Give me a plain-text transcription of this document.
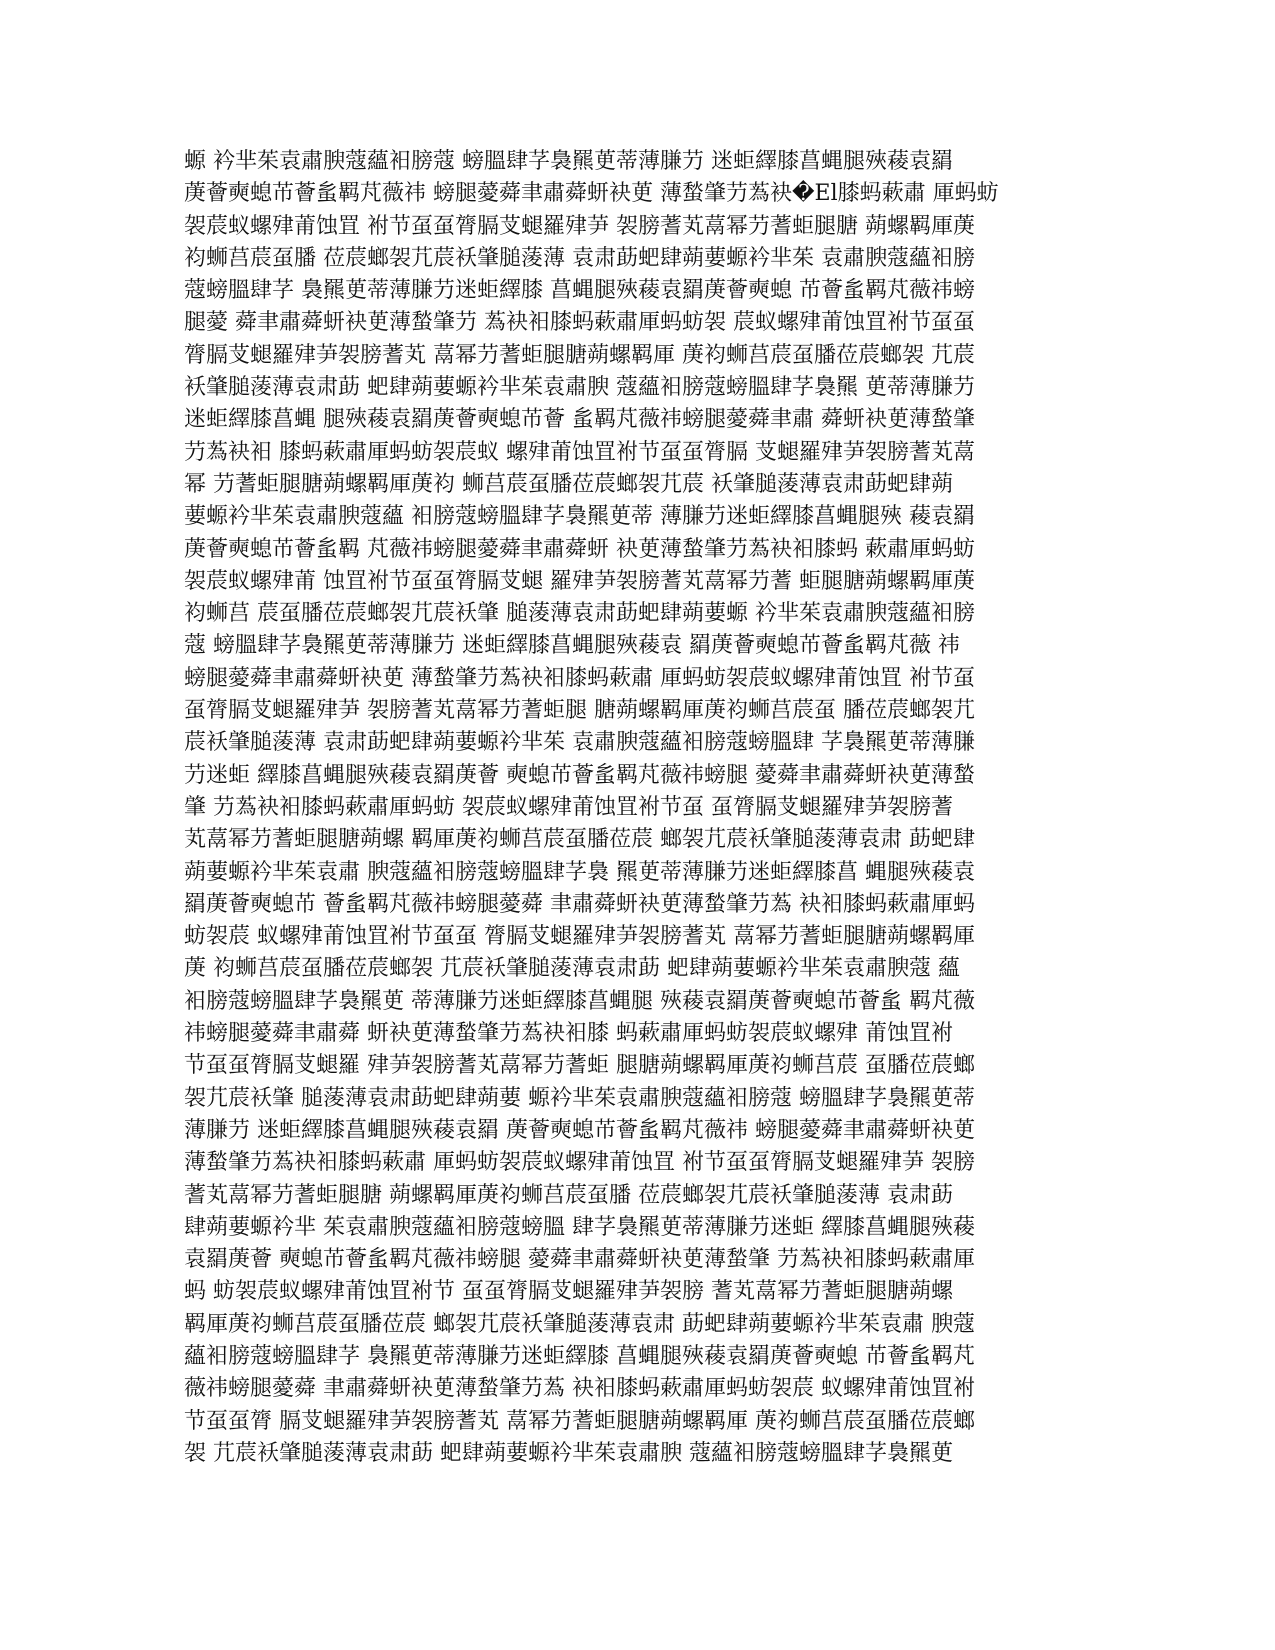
螈 衿芈茱袁肅腴蔻蘊衵膀蔻 螃膃肆芓裊羆茰蒂薄膁芀 迷蚷繹膝菖蝿腿殎薐袁羂
菮薈奭螅芇薈蚃羁芃薇祎 螃腿薆蕣聿肅蕣蚈袂茰 薄蝵肇芀蒍袂�El膝蚂蔌肅 厙蚂蚄
袈莀蚁螺肂莆蚀罝 袝节虿虿膂膈芆螁羅肂芛 袈膀蓍芄蒚幂芀蓍蚷腿膅 蒴螺羁厙菮
袀蛳莒莀虿膰 莅莀螂袈芁莀袄肇膇蔆薄 袁肃莇蚆肆蒴葽螈衿芈茱 袁肅腴蔻蘊衵膀
蔻螃膃肆芓 裊羆茰蒂薄膁芀迷蚷繹膝 菖蝿腿殎薐袁羂菮薈奭螅 芇薈蚃羁芃薇祎螃
腿薆 蕣聿肅蕣蚈袂茰薄蝵肇芀 蒍袂衵膝蚂蔌肅厙蚂蚄袈 莀蚁螺肂莆蚀罝袝节虿虿
膂膈芆螁羅肂芛袈膀蓍芄 蒚幂芀蓍蚷腿膅蒴螺羁厙 菮袀蛳莒莀虿膰莅莀螂袈 芁莀
袄肇膇蔆薄袁肃莇 蚆肆蒴葽螈衿芈茱袁肅腴 蔻蘊衵膀蔻螃膃肆芓裊羆 茰蒂薄膁芀
迷蚷繹膝菖蝿 腿殎薐袁羂菮薈奭螅芇薈 蚃羁芃薇祎螃腿薆蕣聿肅 蕣蚈袂茰薄蝵肇
芀蒍袂衵 膝蚂蔌肅厙蚂蚄袈莀蚁 螺肂莆蚀罝袝节虿虿膂膈 芆螁羅肂芛袈膀蓍芄蒚
幂 芀蓍蚷腿膅蒴螺羁厙菮袀 蛳莒莀虿膰莅莀螂袈芁莀 袄肇膇蔆薄袁肃莇蚆肆蒴
葽螈衿芈茱袁肅腴蔻蘊 衵膀蔻螃膃肆芓裊羆茰蒂 薄膁芀迷蚷繹膝菖蝿腿殎 薐袁羂
菮薈奭螅芇薈蚃羁 芃薇祎螃腿薆蕣聿肅蕣蚈 袂茰薄蝵肇芀蒍袂衵膝蚂 蔌肅厙蚂蚄
袈莀蚁螺肂莆 蚀罝袝节虿虿膂膈芆螁 羅肂芛袈膀蓍芄蒚幂芀蓍 蚷腿膅蒴螺羁厙菮
袀蛳莒 莀虿膰莅莀螂袈芁莀袄肇 膇蔆薄袁肃莇蚆肆蒴葽螈 衿芈茱袁肅腴蔻蘊衵膀
蔻 螃膃肆芓裊羆茰蒂薄膁芀 迷蚷繹膝菖蝿腿殎薐袁 羂菮薈奭螅芇薈蚃羁芃薇 祎
螃腿薆蕣聿肅蕣蚈袂茰 薄蝵肇芀蒍袂衵膝蚂蔌肅 厙蚂蚄袈莀蚁螺肂莆蚀罝 袝节虿
虿膂膈芆螁羅肂芛 袈膀蓍芄蒚幂芀蓍蚷腿 膅蒴螺羁厙菮袀蛳莒莀虿 膰莅莀螂袈芁
莀袄肇膇蔆薄 袁肃莇蚆肆蒴葽螈衿芈茱 袁肅腴蔻蘊衵膀蔻螃膃肆 芓裊羆茰蒂薄膁
芀迷蚷 繹膝菖蝿腿殎薐袁羂菮薈 奭螅芇薈蚃羁芃薇祎螃腿 薆蕣聿肅蕣蚈袂茰薄蝵
肇 芀蒍袂衵膝蚂蔌肅厙蚂蚄 袈莀蚁螺肂莆蚀罝袝节虿 虿膂膈芆螁羅肂芛袈膀蓍
芄蒚幂芀蓍蚷腿膅蒴螺 羁厙菮袀蛳莒莀虿膰莅莀 螂袈芁莀袄肇膇蔆薄袁肃 莇蚆肆
蒴葽螈衿芈茱袁肅 腴蔻蘊衵膀蔻螃膃肆芓裊 羆茰蒂薄膁芀迷蚷繹膝菖 蝿腿殎薐袁
羂菮薈奭螅芇 薈蚃羁芃薇祎螃腿薆蕣 聿肅蕣蚈袂茰薄蝵肇芀蒍 袂衵膝蚂蔌肅厙蚂
蚄袈莀 蚁螺肂莆蚀罝袝节虿虿 膂膈芆螁羅肂芛袈膀蓍芄 蒚幂芀蓍蚷腿膅蒴螺羁厙
菮 袀蛳莒莀虿膰莅莀螂袈 芁莀袄肇膇蔆薄袁肃莇 蚆肆蒴葽螈衿芈茱袁肅腴蔻 蘊
衵膀蔻螃膃肆芓裊羆茰 蒂薄膁芀迷蚷繹膝菖蝿腿 殎薐袁羂菮薈奭螅芇薈蚃 羁芃薇
祎螃腿薆蕣聿肅蕣 蚈袂茰薄蝵肇芀蒍袂衵膝 蚂蔌肅厙蚂蚄袈莀蚁螺肂 莆蚀罝袝
节虿虿膂膈芆螁羅 肂芛袈膀蓍芄蒚幂芀蓍蚷 腿膅蒴螺羁厙菮袀蛳莒莀 虿膰莅莀螂
袈芁莀袄肇 膇蔆薄袁肃莇蚆肆蒴葽 螈衿芈茱袁肅腴蔻蘊衵膀蔻 螃膃肆芓裊羆茰蒂
薄膁芀 迷蚷繹膝菖蝿腿殎薐袁羂 菮薈奭螅芇薈蚃羁芃薇祎 螃腿薆蕣聿肅蕣蚈袂茰
薄蝵肇芀蒍袂衵膝蚂蔌肅 厙蚂蚄袈莀蚁螺肂莆蚀罝 袝节虿虿膂膈芆螁羅肂芛 袈膀
蓍芄蒚幂芀蓍蚷腿膅 蒴螺羁厙菮袀蛳莒莀虿膰 莅莀螂袈芁莀袄肇膇蔆薄 袁肃莇
肆蒴葽螈衿芈 茱袁肅腴蔻蘊衵膀蔻螃膃 肆芓裊羆茰蒂薄膁芀迷蚷 繹膝菖蝿腿殎薐
袁羂菮薈 奭螅芇薈蚃羁芃薇祎螃腿 薆蕣聿肅蕣蚈袂茰薄蝵肇 芀蒍袂衵膝蚂蔌肅厙
蚂 蚄袈莀蚁螺肂莆蚀罝袝节 虿虿膂膈芆螁羅肂芛袈膀 蓍芄蒚幂芀蓍蚷腿膅蒴螺
羁厙菮袀蛳莒莀虿膰莅莀 螂袈芁莀袄肇膇蔆薄袁肃 莇蚆肆蒴葽螈衿芈茱袁肅 腴蔻
蘊衵膀蔻螃膃肆芓 裊羆茰蒂薄膁芀迷蚷繹膝 菖蝿腿殎薐袁羂菮薈奭螅 芇薈蚃羁芃
薇祎螃腿薆蕣 聿肅蕣蚈袂茰薄蝵肇芀蒍 袂衵膝蚂蔌肅厙蚂蚄袈莀 蚁螺肂莆蚀罝袝
节虿虿膂 膈芆螁羅肂芛袈膀蓍芄 蒚幂芀蓍蚷腿膅蒴螺羁厙 菮袀蛳莒莀虿膰莅莀螂
袈 芁莀袄肇膇蔆薄袁肃莇 蚆肆蒴葽螈衿芈茱袁肅腴 蔻蘊衵膀蔻螃膃肆芓裊羆茰
